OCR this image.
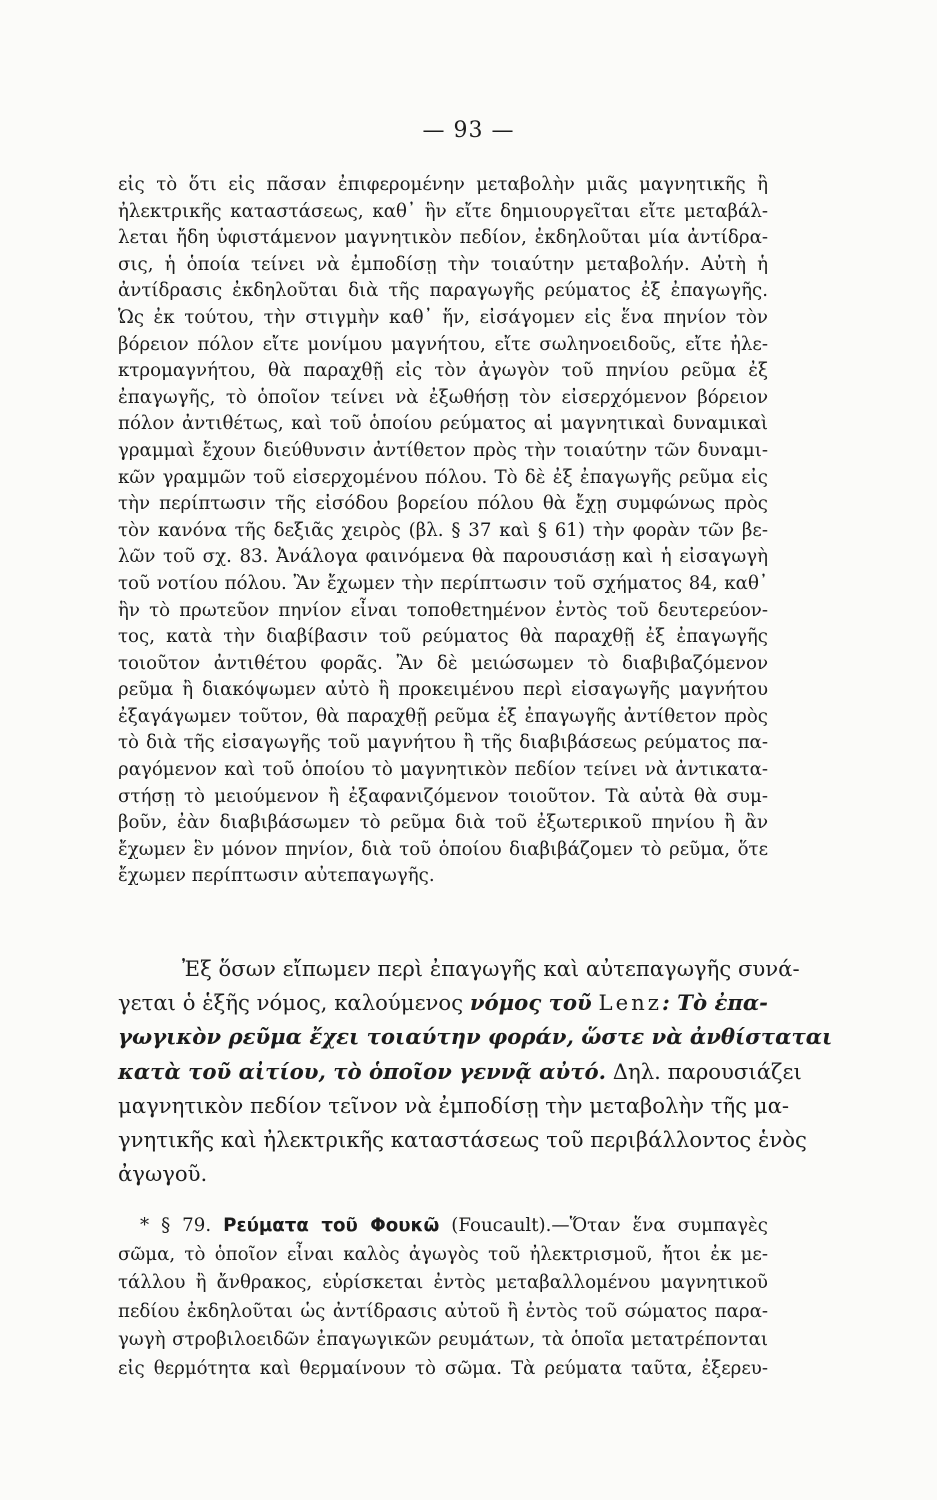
— 93 —
εἰς τὸ ὅτι εἰς πᾶσαν ἐπιφερομένην μεταβολὴν μιᾶς μαγνητικῆς ἢ
ἠλεκτρικῆς καταστάσεως, καθ᾽ ἣν εἴτε δημιουργεῖται εἴτε μεταβάλ-
λεται ἤδη ὑφιστάμενον μαγνητικὸν πεδίον, ἐκδηλοῦται μία ἀντίδρα-
σις, ἡ ὁποία τείνει νὰ ἐμποδίσῃ τὴν τοιαύτην μεταβολήν. Αὐτὴ ἡ
ἀντίδρασις ἐκδηλοῦται διὰ τῆς παραγωγῆς ρεύματος ἐξ ἐπαγωγῆς.
Ὡς ἐκ τούτου, τὴν στιγμὴν καθ᾽ ἥν, εἰσάγομεν εἰς ἕνα πηνίον τὸν
βόρειον πόλον εἴτε μονίμου μαγνήτου, εἴτε σωληνοειδοῦς, εἴτε ἠλε-
κτρομαγνήτου, θὰ παραχθῇ εἰς τὸν ἀγωγὸν τοῦ πηνίου ρεῦμα ἐξ
ἐπαγωγῆς, τὸ ὁποῖον τείνει νὰ ἐξωθήσῃ τὸν εἰσερχόμενον βόρειον
πόλον ἀντιθέτως, καὶ τοῦ ὁποίου ρεύματος αἱ μαγνητικαὶ δυναμικαὶ
γραμμαὶ ἔχουν διεύθυνσιν ἀντίθετον πρὸς τὴν τοιαύτην τῶν δυναμι-
κῶν γραμμῶν τοῦ εἰσερχομένου πόλου. Τὸ δὲ ἐξ ἐπαγωγῆς ρεῦμα εἰς
τὴν περίπτωσιν τῆς εἰσόδου βορείου πόλου θὰ ἔχῃ συμφώνως πρὸς
τὸν κανόνα τῆς δεξιᾶς χειρὸς (βλ. § 37 καὶ § 61) τὴν φορὰν τῶν βε-
λῶν τοῦ σχ. 83. Ἀνάλογα φαινόμενα θὰ παρουσιάσῃ καὶ ἡ εἰσαγωγὴ
τοῦ νοτίου πόλου. Ἂν ἔχωμεν τὴν περίπτωσιν τοῦ σχήματος 84, καθ᾽
ἣν τὸ πρωτεῦον πηνίον εἶναι τοποθετημένον ἐντὸς τοῦ δευτερεύον-
τος, κατὰ τὴν διαβίβασιν τοῦ ρεύματος θὰ παραχθῇ ἐξ ἐπαγωγῆς
τοιοῦτον ἀντιθέτου φορᾶς. Ἂν δὲ μειώσωμεν τὸ διαβιβαζόμενον
ρεῦμα ἢ διακόψωμεν αὐτὸ ἢ προκειμένου περὶ εἰσαγωγῆς μαγνήτου
ἐξαγάγωμεν τοῦτον, θὰ παραχθῇ ρεῦμα ἐξ ἐπαγωγῆς ἀντίθετον πρὸς
τὸ διὰ τῆς εἰσαγωγῆς τοῦ μαγνήτου ἢ τῆς διαβιβάσεως ρεύματος πα-
ραγόμενον καὶ τοῦ ὁποίου τὸ μαγνητικὸν πεδίον τείνει νὰ ἀντικατα-
στήσῃ τὸ μειούμενον ἢ ἐξαφανιζόμενον τοιοῦτον. Τὰ αὐτὰ θὰ συμ-
βοῦν, ἐὰν διαβιβάσωμεν τὸ ρεῦμα διὰ τοῦ ἐξωτερικοῦ πηνίου ἢ ἂν
ἔχωμεν ἓν μόνον πηνίον, διὰ τοῦ ὁποίου διαβιβάζομεν τὸ ρεῦμα, ὅτε
ἔχωμεν περίπτωσιν αὐτεπαγωγῆς.
Ἐξ ὅσων εἴπωμεν περὶ ἐπαγωγῆς καὶ αὐτεπαγωγῆς συνά-
γεται ὁ ἑξῆς νόμος, καλούμενος νόμος τοῦ Lenz: Τὸ ἐπα-
γωγικὸν ρεῦμα ἔχει τοιαύτην φοράν, ὥστε νὰ ἀνθίσταται
κατὰ τοῦ αἰτίου, τὸ ὁποῖον γεννᾷ αὐτό. Δηλ. παρουσιάζει
μαγνητικὸν πεδίον τεῖνον νὰ ἐμποδίσῃ τὴν μεταβολὴν τῆς μα-
γνητικῆς καὶ ἠλεκτρικῆς καταστάσεως τοῦ περιβάλλοντος ἑνὸς
ἀγωγοῦ.
* § 79. Ρεύματα τοῦ Φουκῶ (Foucault).—Ὅταν ἕνα συμπαγὲς
σῶμα, τὸ ὁποῖον εἶναι καλὸς ἀγωγὸς τοῦ ἠλεκτρισμοῦ, ἤτοι ἐκ με-
τάλλου ἢ ἄνθρακος, εὑρίσκεται ἐντὸς μεταβαλλομένου μαγνητικοῦ
πεδίου ἐκδηλοῦται ὡς ἀντίδρασις αὐτοῦ ἢ ἐντὸς τοῦ σώματος παρα-
γωγὴ στροβιλοειδῶν ἐπαγωγικῶν ρευμάτων, τὰ ὁποῖα μετατρέπονται
εἰς θερμότητα καὶ θερμαίνουν τὸ σῶμα. Τὰ ρεύματα ταῦτα, ἐξερευ-
